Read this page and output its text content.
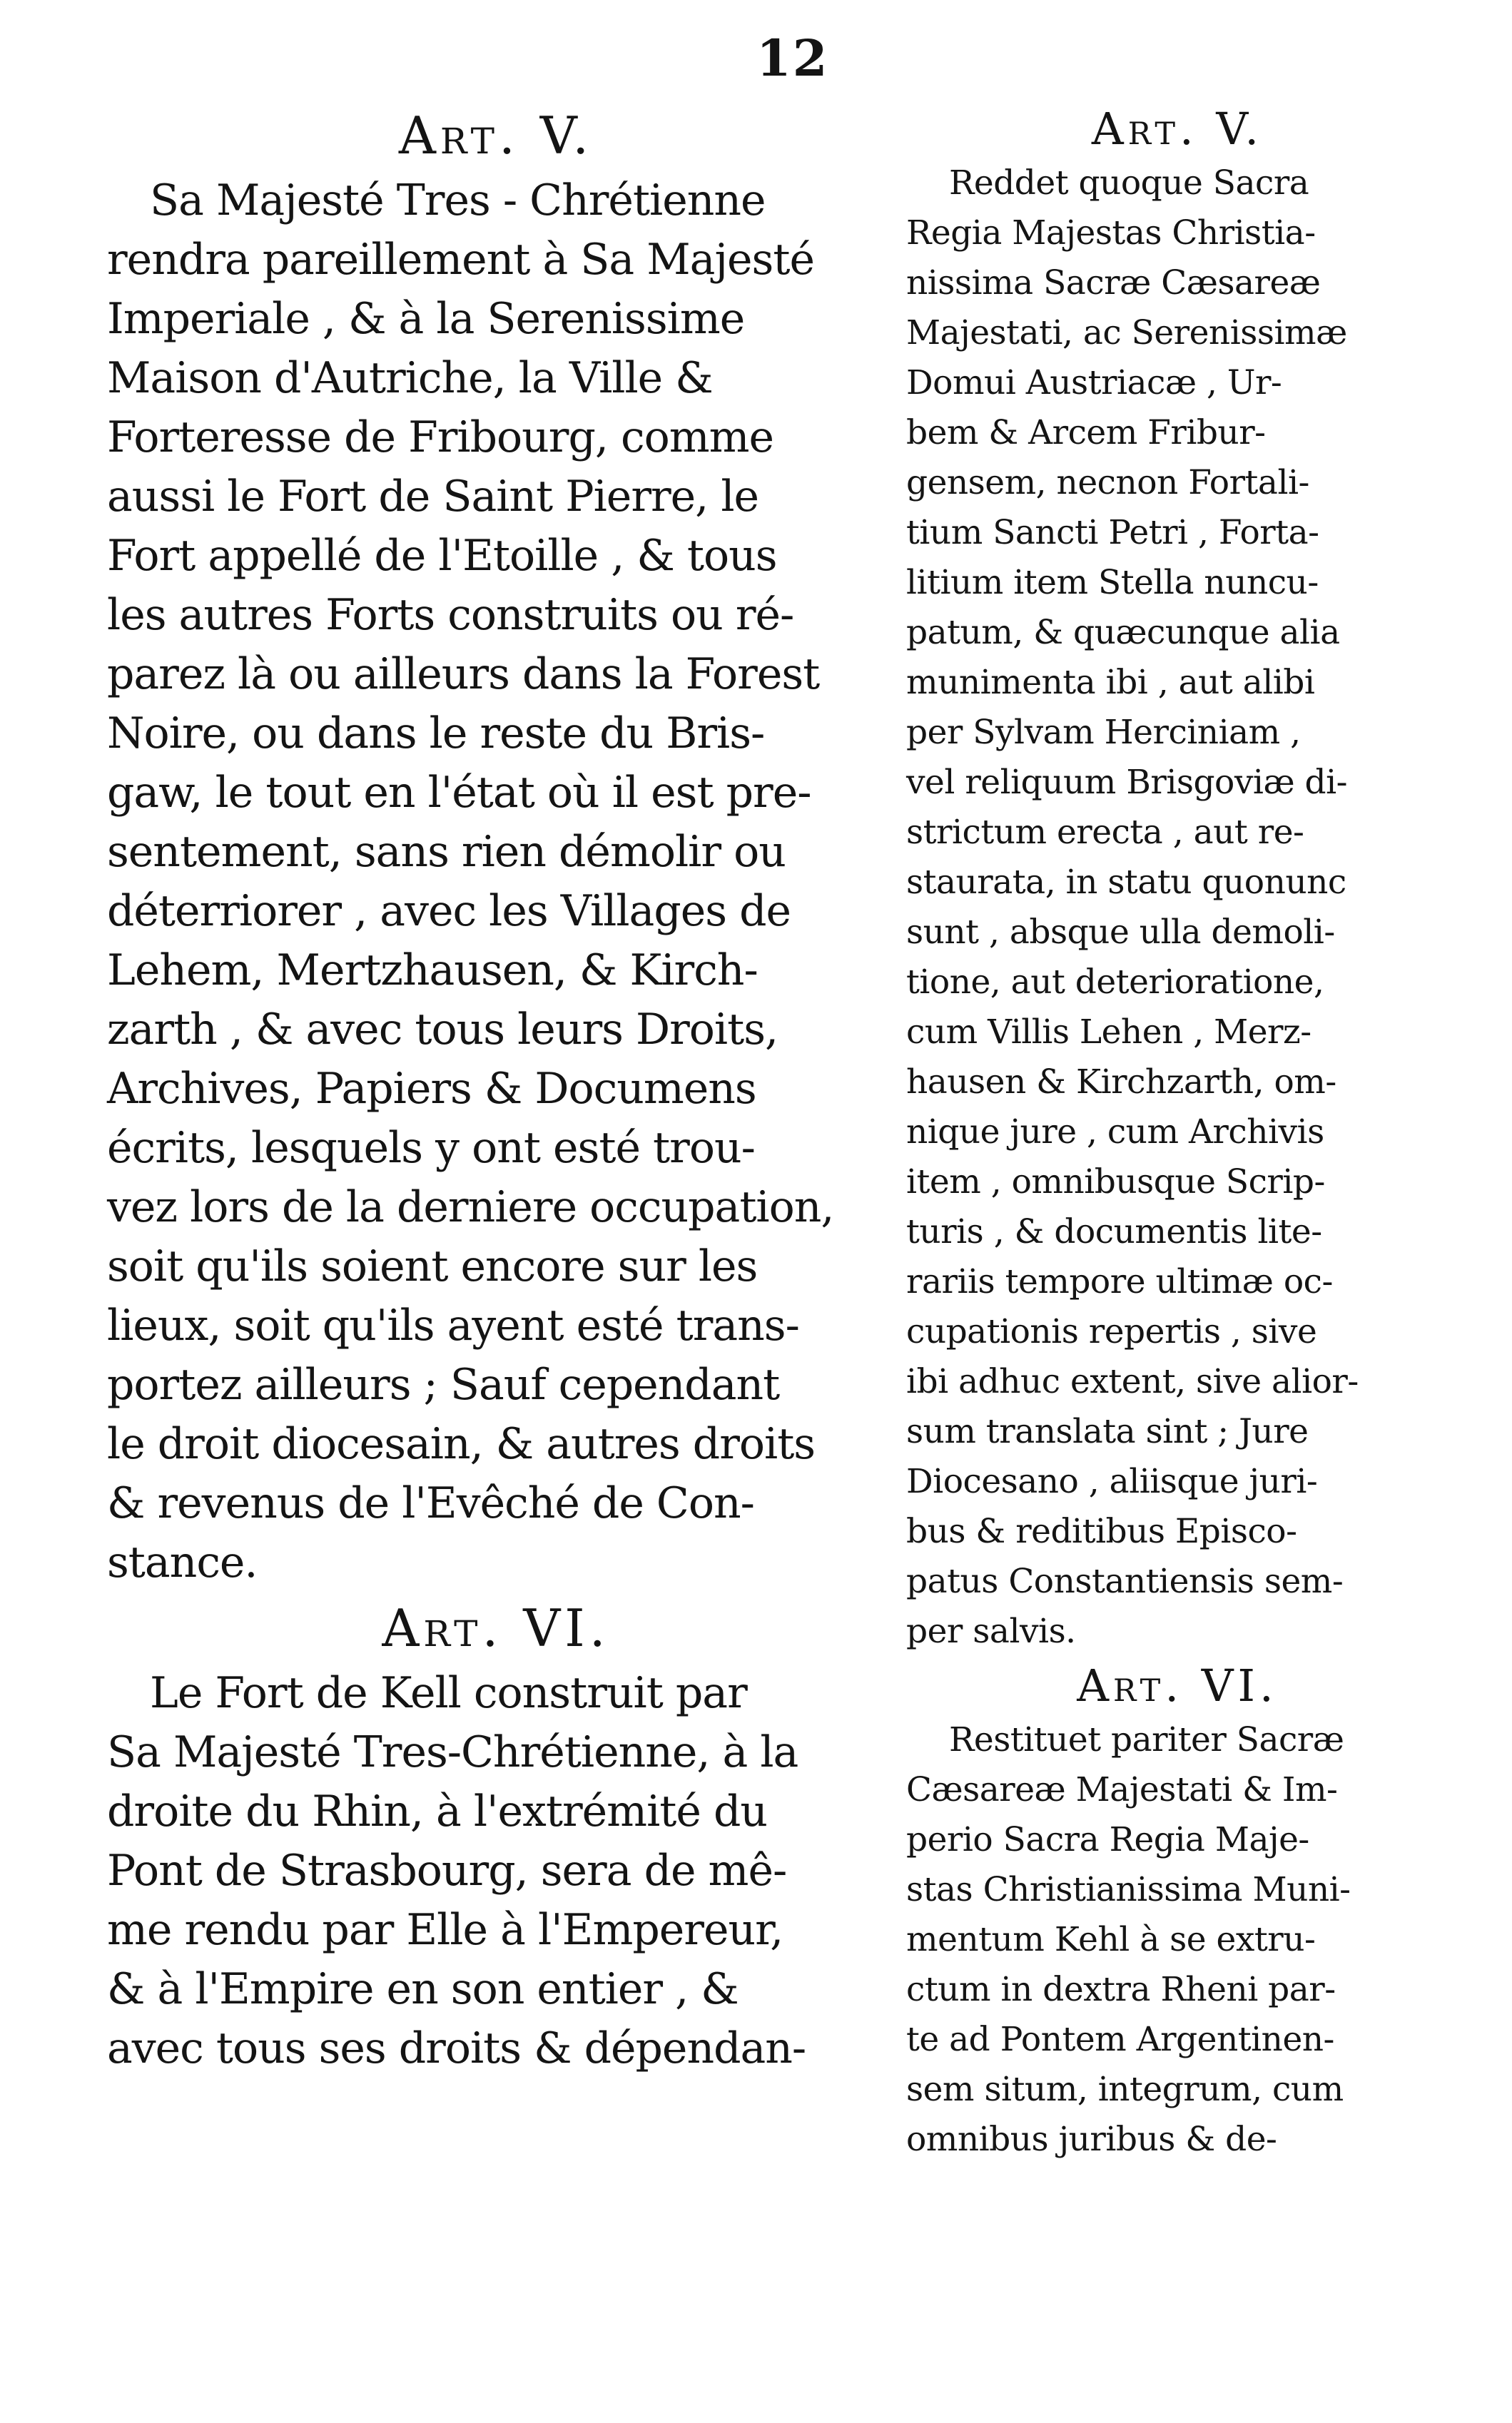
12

Art. V.

Sa Majesté Tres - Chrétienne

rendra pareillement à Sa Majesté

Imperiale , & à la Serenissime

Maison d'Autriche, la Ville &

Forteresse de Fribourg, comme

aussi le Fort de Saint Pierre, le

Fort appellé de l'Etoille , & tous

les autres Forts construits ou ré-

parez là ou ailleurs dans la Forest

Noire, ou dans le reste du Bris-

gaw, le tout en l'état où il est pre-

sentement, sans rien démolir ou

déterriorer , avec les Villages de

Lehem, Mertzhausen, & Kirch-

zarth , & avec tous leurs Droits,

Archives, Papiers & Documens

écrits, lesquels y ont esté trou-

vez lors de la derniere occupation,

soit qu'ils soient encore sur les

lieux, soit qu'ils ayent esté trans-

portez ailleurs ; Sauf cependant

le droit diocesain, & autres droits

& revenus de l'Evêché de Con-

stance.

Art. VI.

Le Fort de Kell construit par

Sa Majesté Tres-Chrétienne, à la

droite du Rhin, à l'extrémité du

Pont de Strasbourg, sera de mê-

me rendu par Elle à l'Empereur,

& à l'Empire en son entier , &

avec tous ses droits & dépendan-

Art. V.

Reddet quoque Sacra

Regia Majestas Christia-

nissima Sacræ Cæsareæ

Majestati, ac Serenissimæ

Domui Austriacæ , Ur-

bem & Arcem Fribur-

gensem, necnon Fortali-

tium Sancti Petri , Forta-

litium item Stella nuncu-

patum, & quæcunque alia

munimenta ibi , aut alibi

per Sylvam Herciniam ,

vel reliquum Brisgoviæ di-

strictum erecta , aut re-

staurata, in statu quonunc

sunt , absque ulla demoli-

tione, aut deterioratione,

cum Villis Lehen , Merz-

hausen & Kirchzarth, om-

nique jure , cum Archivis

item , omnibusque Scrip-

turis , & documentis lite-

rariis tempore ultimæ oc-

cupationis repertis , sive

ibi adhuc extent, sive alior-

sum translata sint ; Jure

Diocesano , aliisque juri-

bus & reditibus Episco-

patus Constantiensis sem-

per salvis.

Art. VI.

Restituet pariter Sacræ

Cæsareæ Majestati & Im-

perio Sacra Regia Maje-

stas Christianissima Muni-

mentum Kehl à se extru-

ctum in dextra Rheni par-

te ad Pontem Argentinen-

sem situm, integrum, cum

omnibus juribus & de-
